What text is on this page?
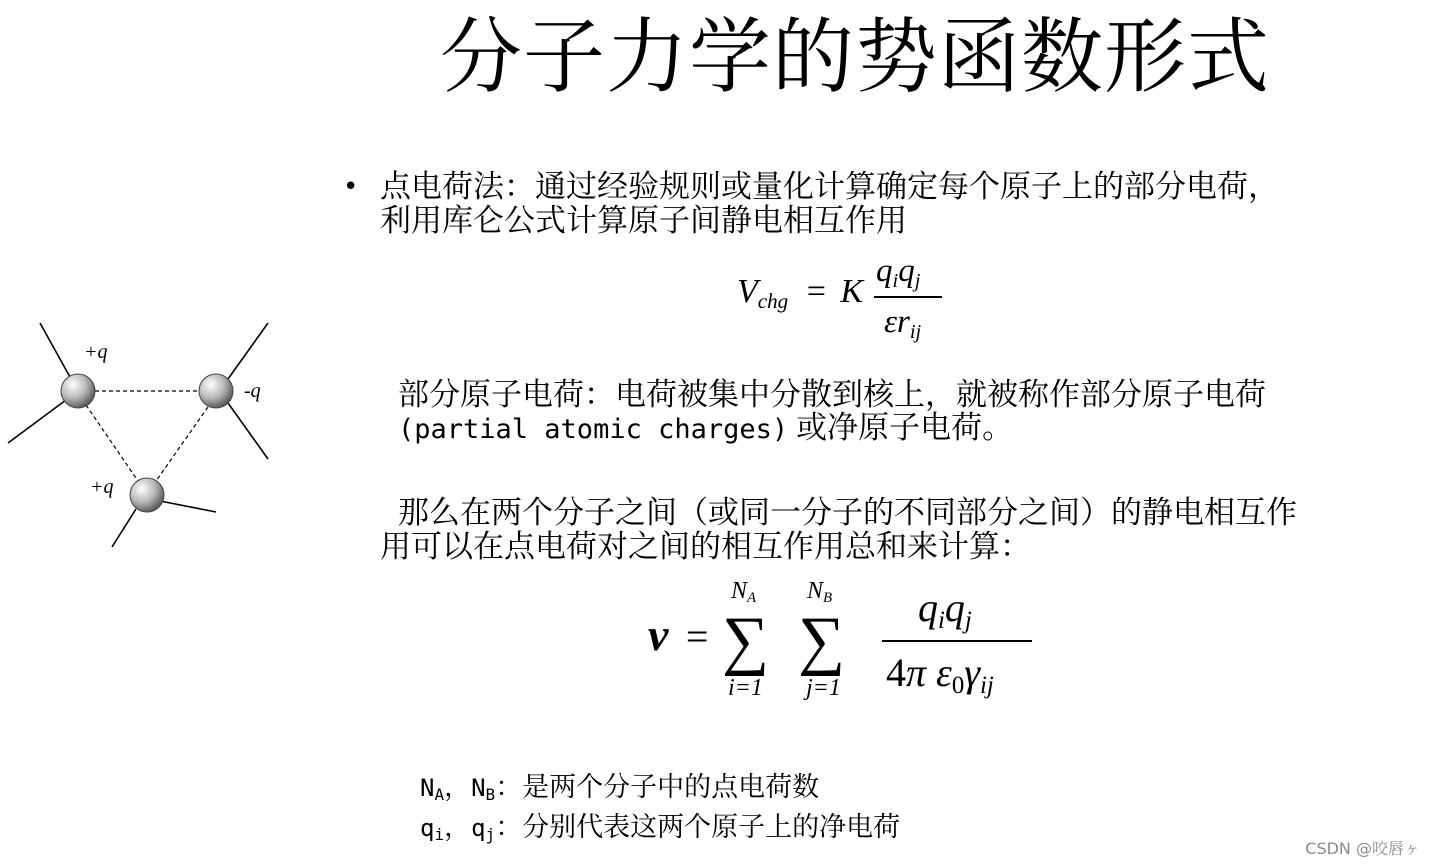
分子力学的势函数形式
• 点电荷法：通过经验规则或量化计算确定每个原子上的部分电荷，
利用库仑公式计算原子间静电相互作用
Vchg = K
qiqj
εrij
部分原子电荷：电荷被集中分散到核上，就被称作部分原子电荷
(partial atomic charges) 或净原子电荷。
那么在两个分子之间（或同一分子的不同部分之间）的静电相互作
用可以在点电荷对之间的相互作用总和来计算：
ν =
NA
∑
i=1
NB
∑
j=1
qiqj
4π ε0γij
NA，NB：是两个分子中的点电荷数
qi，qj：分别代表这两个原子上的净电荷
+q
-q
+q
CSDN @咬唇ヶ
